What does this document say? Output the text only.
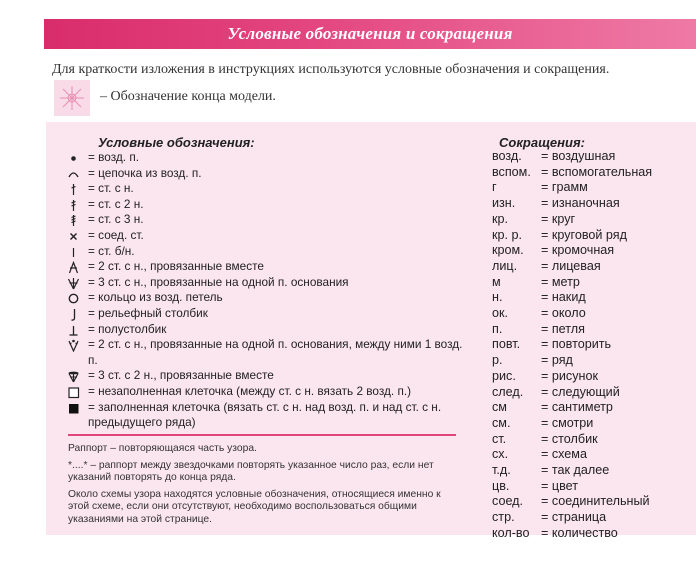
Условные обозначения и сокращения
Для краткости изложения в инструкциях используются условные обозначения и сокращения.
– Обозначение конца модели.
Условные обозначения:
= возд. п.
= цепочка из возд. п.
= ст. с н.
= ст. с 2 н.
= ст. с 3 н.
= соед. ст.
= ст. б/н.
= 2 ст. с н., провязанные вместе
= 3 ст. с н., провязанные на одной п. основания
= кольцо из возд. петель
= рельефный столбик
= полустолбик
= 2 ст. с н., провязанные на одной п. основания, между ними 1 возд. п.
= 3 ст. с 2 н., провязанные вместе
= незаполненная клеточка (между ст. с н. вязать 2 возд. п.)
= заполненная клеточка (вязать ст. с н. над возд. п. и над ст. с н. предыдущего ряда)

Раппорт – повторяющаяся часть узора.

*....* – раппорт между звездочками повторять указанное число раз, если нет указаний повторять до конца ряда.

Около схемы узора находятся условные обозначения, относящиеся именно к этой схеме, если они отсутствуют, необходимо воспользоваться общими указаниями на этой странице.

Сокращения:
возд.	= воздушная
вспом. = вспомогательная
г	= грамм
изн.	= изнаночная
кр.	= круг
кр. р.	= круговой ряд
кром.	= кромочная
лиц.	= лицевая
м	= метр
н.	= накид
ок.	= около
п.	= петля
повт.	= повторить
р.	= ряд
рис.	= рисунок
след.	= следующий
см	= сантиметр
см.	= смотри
ст.	= столбик
сх.	= схема
т.д.	= так далее
цв.	= цвет
соед.	= соединительный
стр.	= страница
кол-во = количество
